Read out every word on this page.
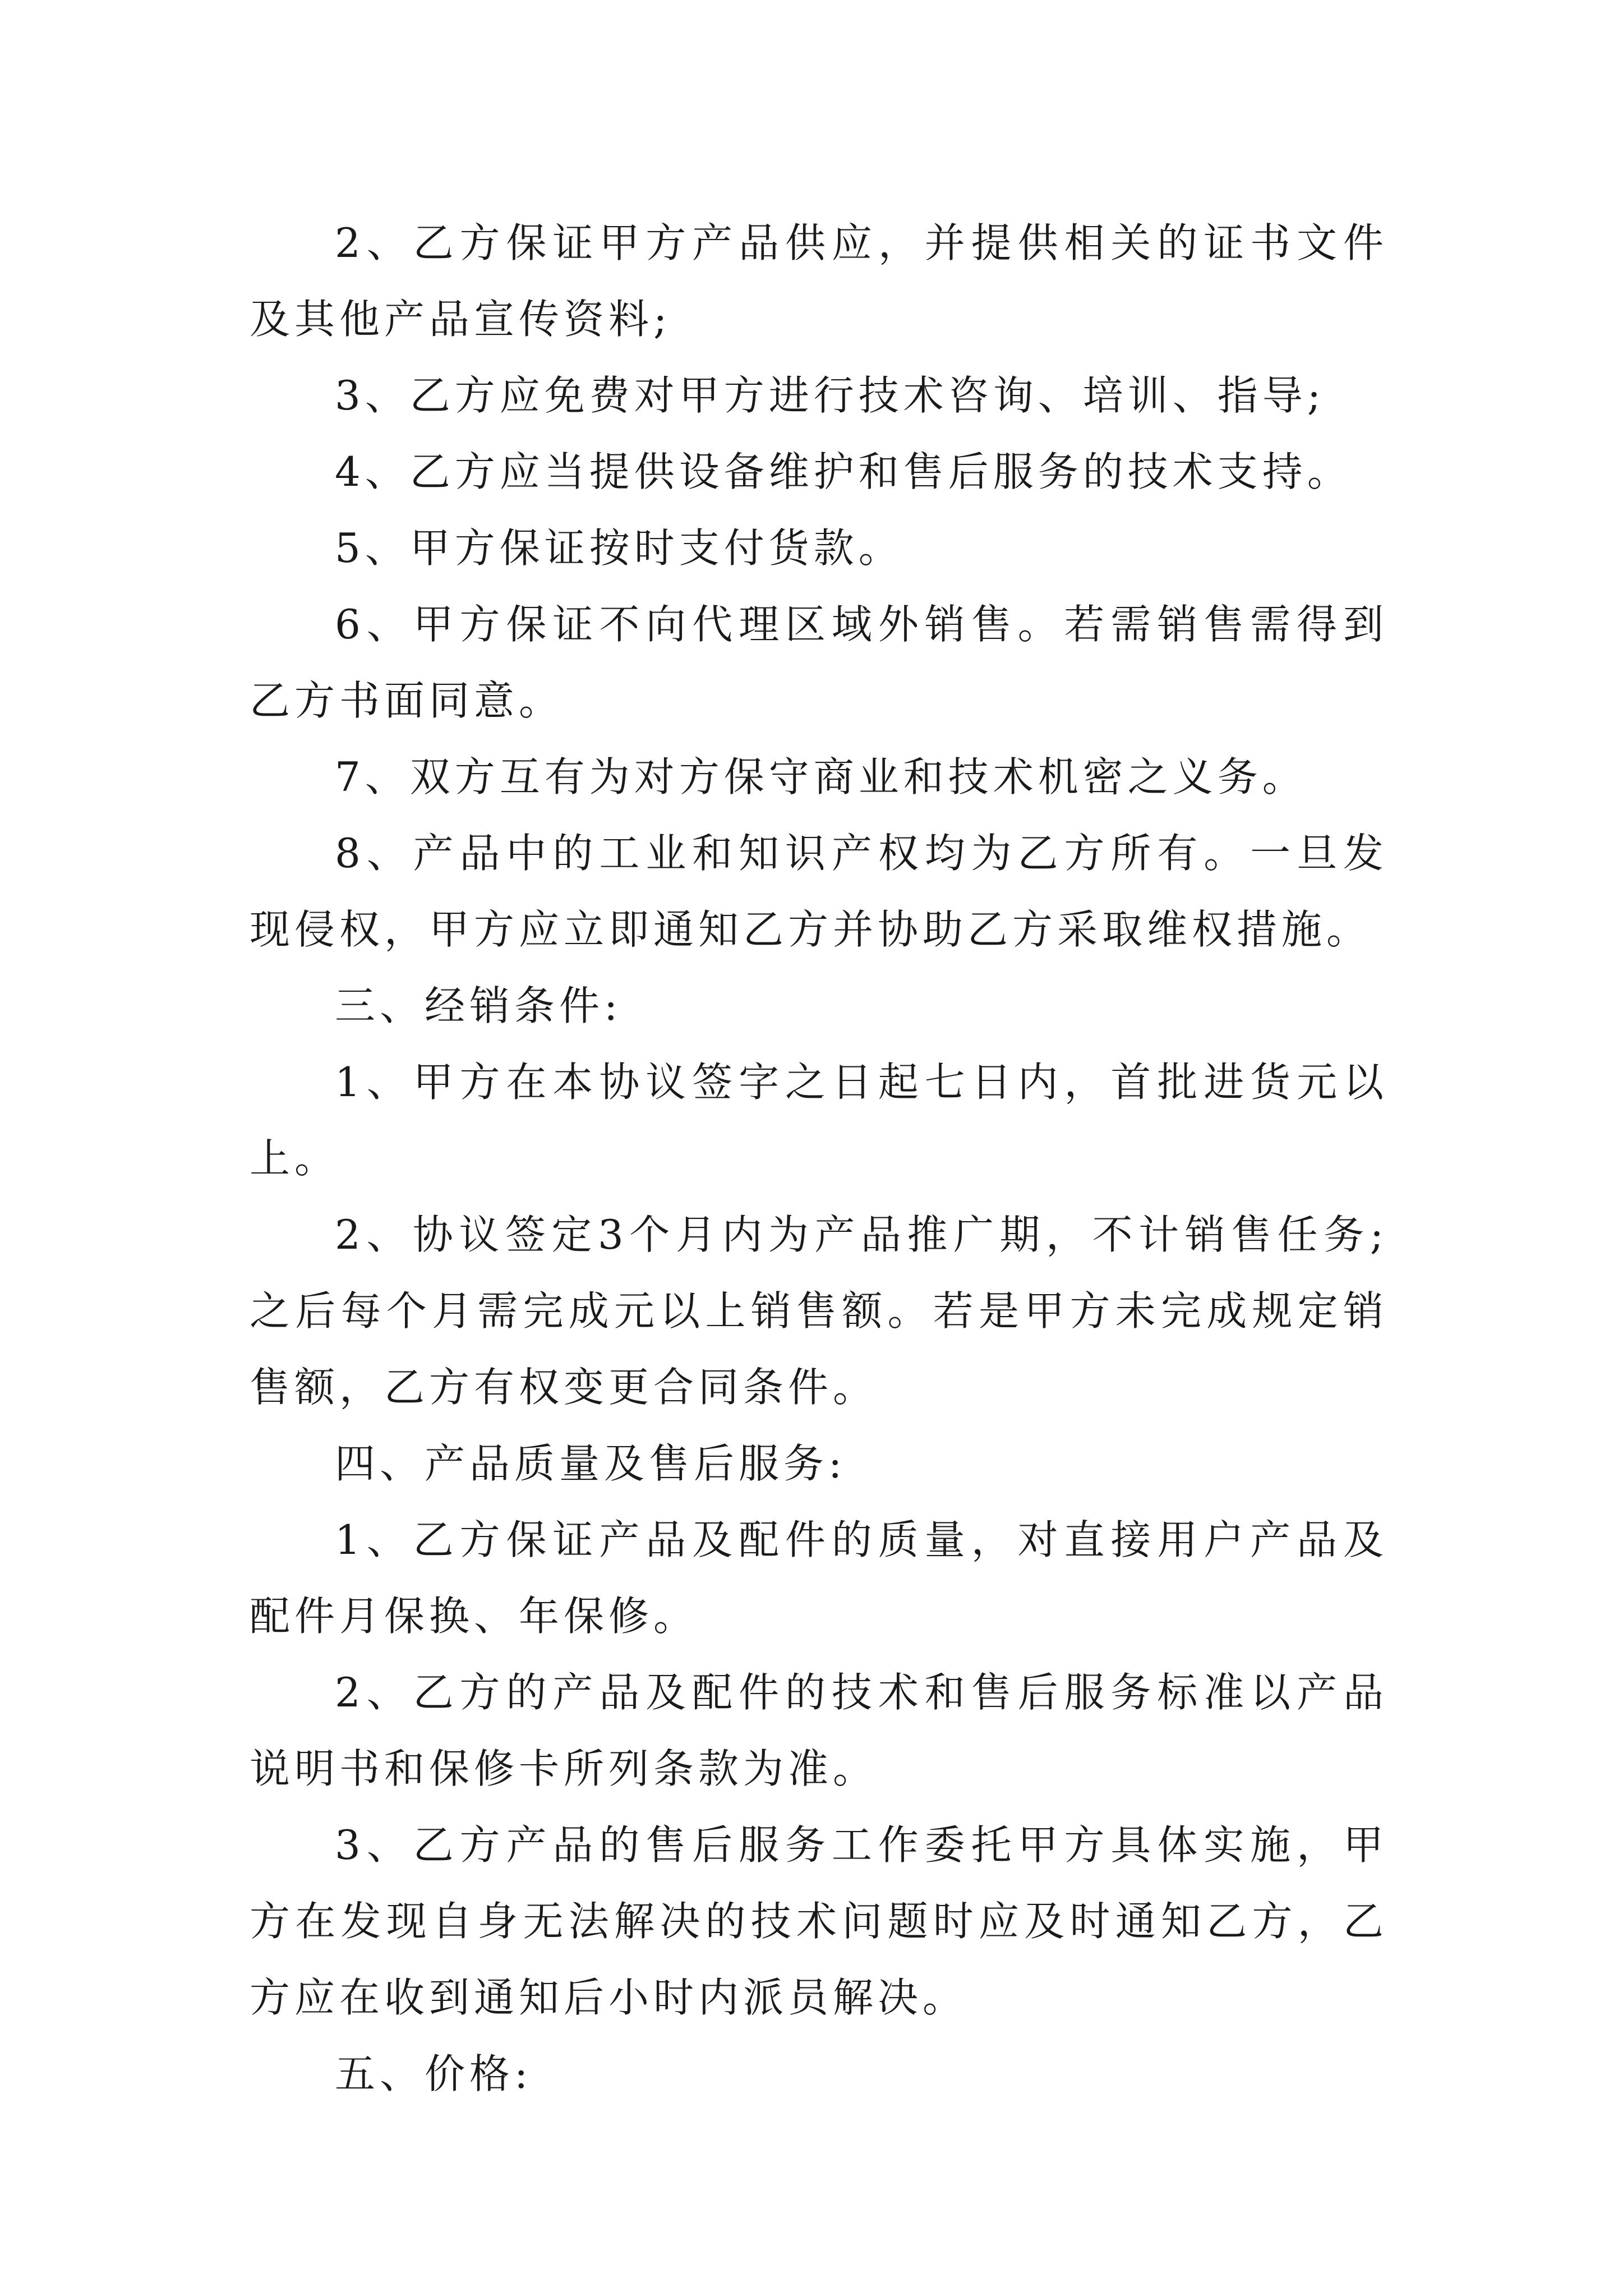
2、乙方保证甲方产品供应，并提供相关的证书文件及其他产品宣传资料;

3、乙方应免费对甲方进行技术咨询、培训、指导;

4、乙方应当提供设备维护和售后服务的技术支持。

5、甲方保证按时支付货款。

6、甲方保证不向代理区域外销售。若需销售需得到乙方书面同意。

7、双方互有为对方保守商业和技术机密之义务。

8、产品中的工业和知识产权均为乙方所有。一旦发现侵权，甲方应立即通知乙方并协助乙方采取维权措施。

三、经销条件:

1、甲方在本协议签字之日起七日内，首批进货元以上。

2、协议签定3个月内为产品推广期，不计销售任务;之后每个月需完成元以上销售额。若是甲方未完成规定销售额，乙方有权变更合同条件。

四、产品质量及售后服务:

1、乙方保证产品及配件的质量，对直接用户产品及配件月保换、年保修。

2、乙方的产品及配件的技术和售后服务标准以产品说明书和保修卡所列条款为准。

3、乙方产品的售后服务工作委托甲方具体实施，甲方在发现自身无法解决的技术问题时应及时通知乙方，乙方应在收到通知后小时内派员解决。

五、价格:
